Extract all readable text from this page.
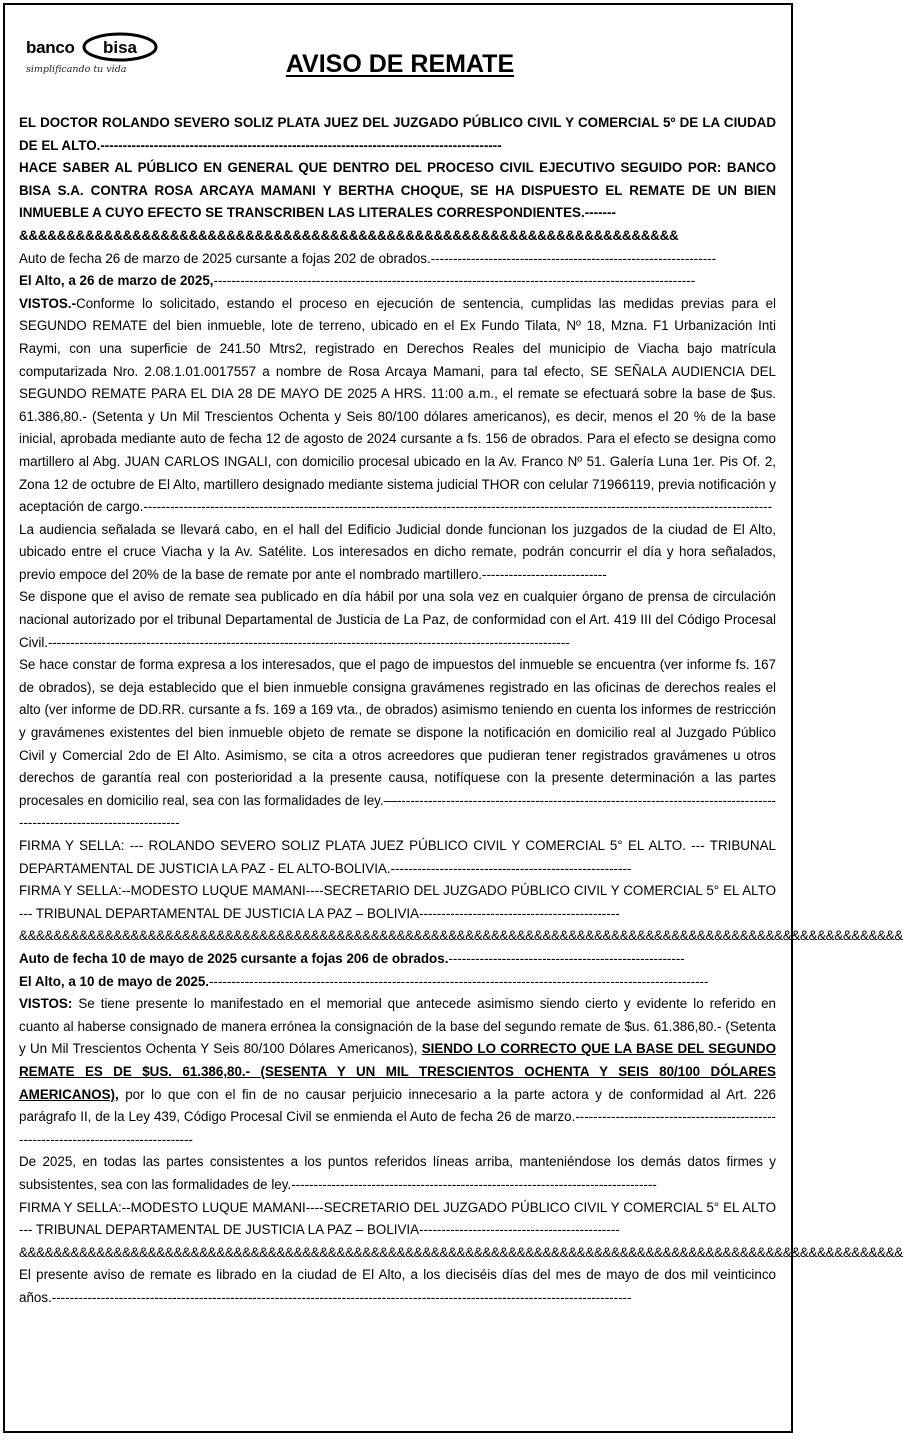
banco bisa
simplificando tu vida	AVISO DE REMATE

EL DOCTOR ROLANDO SEVERO SOLIZ PLATA JUEZ DEL JUZGADO PÚBLICO CIVIL Y COMERCIAL 5º DE LA CIUDAD DE EL ALTO.------------------------------------------------------------------------------------------

HACE SABER AL PÚBLICO EN GENERAL QUE DENTRO DEL PROCESO CIVIL EJECUTIVO SEGUIDO POR: BANCO BISA S.A. CONTRA ROSA ARCAYA MAMANI Y BERTHA CHOQUE, SE HA DISPUESTO EL REMATE DE UN BIEN INMUEBLE A CUYO EFECTO SE TRANSCRIBEN LAS LITERALES CORRESPONDIENTES.-------

&&&&&&&&&&&&&&&&&&&&&&&&&&&&&&&&&&&&&&&&&&&&&&&&&&&&&&&&&&&&&&&&&&&&&&

Auto de fecha 26 de marzo de 2025 cursante a fojas 202 de obrados.----------------------------------------------------------------

El Alto, a 26 de marzo de 2025,------------------------------------------------------------------------------------------------------------

VISTOS.-Conforme lo solicitado, estando el proceso en ejecución de sentencia, cumplidas las medidas previas para el SEGUNDO REMATE del bien inmueble, lote de terreno, ubicado en el Ex Fundo Tilata, Nº 18, Mzna. F1 Urbanización Inti Raymi, con una superficie de 241.50 Mtrs2, registrado en Derechos Reales del municipio de Viacha bajo matrícula computarizada Nro. 2.08.1.01.0017557 a nombre de Rosa Arcaya Mamani, para tal efecto, SE SEÑALA AUDIENCIA DEL SEGUNDO REMATE PARA EL DIA 28 DE MAYO DE 2025 A HRS. 11:00 a.m., el remate se efectuará sobre la base de $us. 61.386,80.- (Setenta y Un Mil Trescientos Ochenta y Seis 80/100 dólares americanos), es decir, menos el 20 % de la base inicial, aprobada mediante auto de fecha 12 de agosto de 2024 cursante a fs. 156 de obrados. Para el efecto se designa como martillero al Abg. JUAN CARLOS INGALI, con domicilio procesal ubicado en la Av. Franco Nº 51. Galería Luna 1er. Pis Of. 2, Zona 12 de octubre de El Alto, martillero designado mediante sistema judicial THOR con celular 71966119, previa notificación y aceptación de cargo.---------------------------------------------------------------------------------------------------------------------------------------------

La audiencia señalada se llevará cabo, en el hall del Edificio Judicial donde funcionan los juzgados de la ciudad de El Alto, ubicado entre el cruce Viacha y la Av. Satélite. Los interesados en dicho remate, podrán concurrir el día y hora señalados, previo empoce del 20% de la base de remate por ante el nombrado martillero.----------------------------

Se dispone que el aviso de remate sea publicado en día hábil por una sola vez en cualquier órgano de prensa de circulación nacional autorizado por el tribunal Departamental de Justicia de La Paz, de conformidad con el Art. 419 III del Código Procesal Civil.---------------------------------------------------------------------------------------------------------------------

Se hace constar de forma expresa a los interesados, que el pago de impuestos del inmueble se encuentra (ver informe fs. 167 de obrados), se deja establecido que el bien inmueble consigna gravámenes registrado en las oficinas de derechos reales el alto (ver informe de DD.RR. cursante a fs. 169 a 169 vta., de obrados) asimismo teniendo en cuenta los informes de restricción y gravámenes existentes del bien inmueble objeto de remate se dispone la notificación en domicilio real al Juzgado Público Civil y Comercial 2do de El Alto. Asimismo, se cita a otros acreedores que pudieran tener registrados gravámenes u otros derechos de garantía real con posterioridad a la presente causa, notifíquese con la presente determinación a las partes procesales en domicilio real, sea con las formalidades de ley.—-------------------------------------------------------------------------------------------------------------------------

FIRMA Y SELLA: --- ROLANDO SEVERO SOLIZ PLATA JUEZ PÚBLICO CIVIL Y COMERCIAL 5° EL ALTO. --- TRIBUNAL DEPARTAMENTAL DE JUSTICIA LA PAZ - EL ALTO-BOLIVIA.------------------------------------------------------

FIRMA Y SELLA:--MODESTO LUQUE MAMANI----SECRETARIO DEL JUZGADO PÚBLICO CIVIL Y COMERCIAL 5° EL ALTO --- TRIBUNAL DEPARTAMENTAL DE JUSTICIA LA PAZ – BOLIVIA---------------------------------------------

&&&&&&&&&&&&&&&&&&&&&&&&&&&&&&&&&&&&&&&&&&&&&&&&&&&&&&&&&&&&&&&&&&&&&&&&&&&&&&&&&&&&&&&&&&&&&&&&&&&&&&&

Auto de fecha 10 de mayo de 2025 cursante a fojas 206 de obrados.-----------------------------------------------------

El Alto, a 10 de mayo de 2025.----------------------------------------------------------------------------------------------------------------

VISTOS: Se tiene presente lo manifestado en el memorial que antecede asimismo siendo cierto y evidente lo referido en cuanto al haberse consignado de manera errónea la consignación de la base del segundo remate de $us. 61.386,80.- (Setenta y Un Mil Trescientos Ochenta Y Seis 80/100 Dólares Americanos), SIENDO LO CORRECTO QUE LA BASE DEL SEGUNDO REMATE ES DE $US. 61.386,80.- (SESENTA Y UN MIL TRESCIENTOS OCHENTA Y SEIS 80/100 DÓLARES AMERICANOS), por lo que con el fin de no causar perjuicio innecesario a la parte actora y de conformidad al Art. 226 parágrafo II, de la Ley 439, Código Procesal Civil se enmienda el Auto de fecha 26 de marzo.------------------------------------------------------------------------------------

De 2025, en todas las partes consistentes a los puntos referidos líneas arriba, manteniéndose los demás datos firmes y subsistentes, sea con las formalidades de ley.----------------------------------------------------------------------------------

FIRMA Y SELLA:--MODESTO LUQUE MAMANI----SECRETARIO DEL JUZGADO PÚBLICO CIVIL Y COMERCIAL 5° EL ALTO --- TRIBUNAL DEPARTAMENTAL DE JUSTICIA LA PAZ – BOLIVIA---------------------------------------------

&&&&&&&&&&&&&&&&&&&&&&&&&&&&&&&&&&&&&&&&&&&&&&&&&&&&&&&&&&&&&&&&&&&&&&&&&&&&&&&&&&&&&&&&&&&&&&&&&&&&&&&

El presente aviso de remate es librado en la ciudad de El Alto, a los dieciséis días del mes de mayo de dos mil veinticinco años.----------------------------------------------------------------------------------------------------------------------------------
